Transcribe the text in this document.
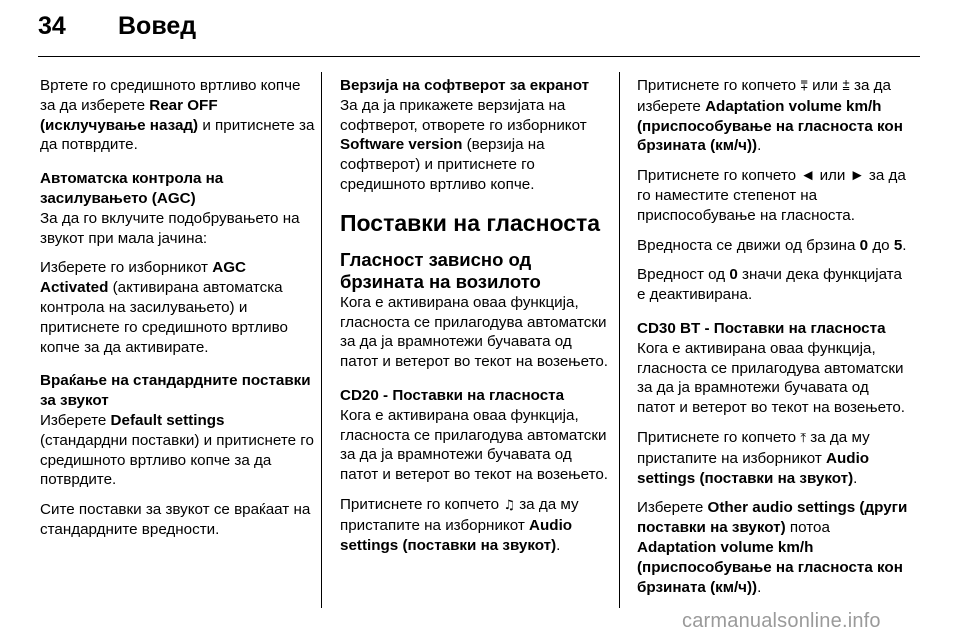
34 Вовед

Вртете го средишното вртливо копче за да изберете Rear OFF (исклучување назад) и притиснете за да потврдите.

Автоматска контрола на засилувањето (AGC)

За да го вклучите подобрувањето на звукот при мала јачина:

Изберете го изборникот AGC Activated (активирана автоматска контрола на засилувањето) и притиснете го средишното вртливо копче за да активирате.

Враќање на стандардните поставки за звукот

Изберете Default settings (стандардни поставки) и притиснете го средишното вртливо копче за да потврдите.

Сите поставки за звукот се враќаат на стандардните вредности.

Верзија на софтверот за екранот

За да ја прикажете верзијата на софтверот, отворете го изборникот Software version (верзија на софтверот) и притиснете го средишното вртливо копче.

Поставки на гласноста
Гласност зависно од брзината на возилото

Кога е активирана оваа функција, гласноста се прилагодува автоматски за да ја врамнотежи бучавата од патот и ветерот во текот на возењето.

CD20 - Поставки на гласноста

Кога е активирана оваа функција, гласноста се прилагодува автоматски за да ја врамнотежи бучавата од патот и ветерот во текот на возењето.

Притиснете го копчето ♫ за да му пристапите на изборникот Audio settings (поставки на звукот).

Притиснете го копчето ⩱ или ⩲ за да изберете Adaptation volume km/h (приспособување на гласноста кон брзината (км/ч)).

Притиснете го копчето ◄ или ► за да го наместите степенот на приспособување на гласноста.

Вредноста се движи од брзина 0 до 5.

Вредност од 0 значи дека функцијата е деактивирана.

CD30 BT - Поставки на гласноста

Кога е активирана оваа функција, гласноста се прилагодува автоматски за да ја врамнотежи бучавата од патот и ветерот во текот на возењето.

Притиснете го копчето ⤒ за да му пристапите на изборникот Audio settings (поставки на звукот).

Изберете Other audio settings (други поставки на звукот) потоа Adaptation volume km/h (приспособување на гласноста кон брзината (км/ч)).

carmanualsonline.info
